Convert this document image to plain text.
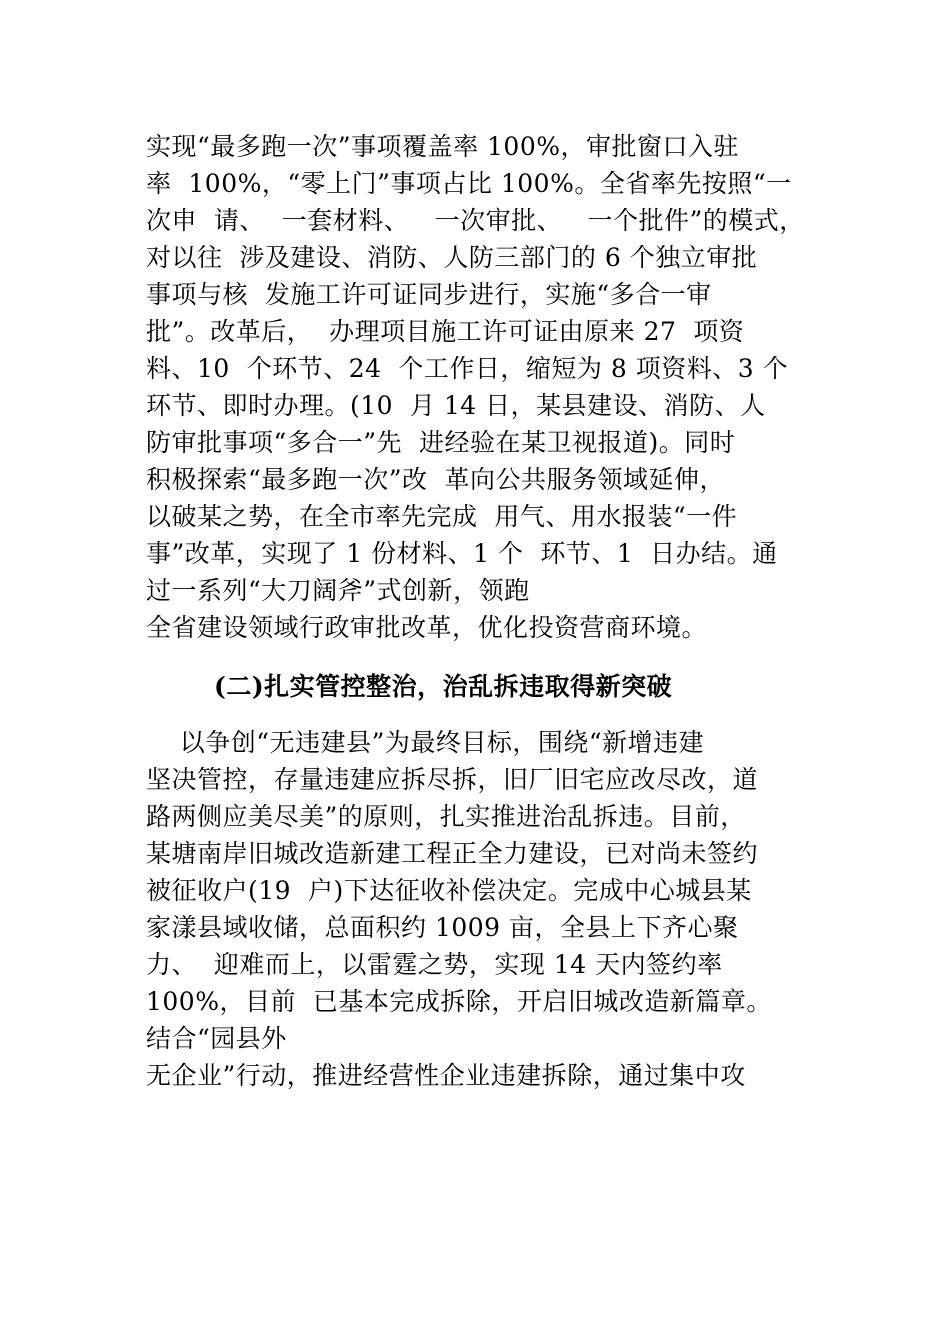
实现“最多跑一次”事项覆盖率 100%，审批窗口入驻
率  100%，“零上门”事项占比 100%。全省率先按照“一
次申  请、  一套材料、   一次审批、   一个批件”的模式，
对以往  涉及建设、消防、人防三部门的 6 个独立审批
事项与核  发施工许可证同步进行，实施“多合一审
批”。改革后，  办理项目施工许可证由原来 27  项资
料、10  个环节、24  个工作日，缩短为 8 项资料、3 个
环节、即时办理。(10  月 14 日，某县建设、消防、人
防审批事项“多合一”先  进经验在某卫视报道)。同时
积极探索“最多跑一次”改  革向公共服务领域延伸，
以破某之势，在全市率先完成  用气、用水报装“一件
事”改革，实现了 1 份材料、1 个  环节、1  日办结。通
过一系列“大刀阔斧”式创新，领跑
全省建设领域行政审批改革，优化投资营商环境。
(二)扎实管控整治，治乱拆违取得新突破
以争创“无违建县”为最终目标，围绕“新增违建
坚决管控，存量违建应拆尽拆，旧厂旧宅应改尽改，道
路两侧应美尽美”的原则，扎实推进治乱拆违。目前，
某塘南岸旧城改造新建工程正全力建设，已对尚未签约
被征收户(19  户)下达征收补偿决定。完成中心城县某
家漾县域收储，总面积约 1009 亩，全县上下齐心聚
力、  迎难而上，以雷霆之势，实现 14 天内签约率
100%，目前  已基本完成拆除，开启旧城改造新篇章。
结合“园县外
无企业”行动，推进经营性企业违建拆除，通过集中攻
